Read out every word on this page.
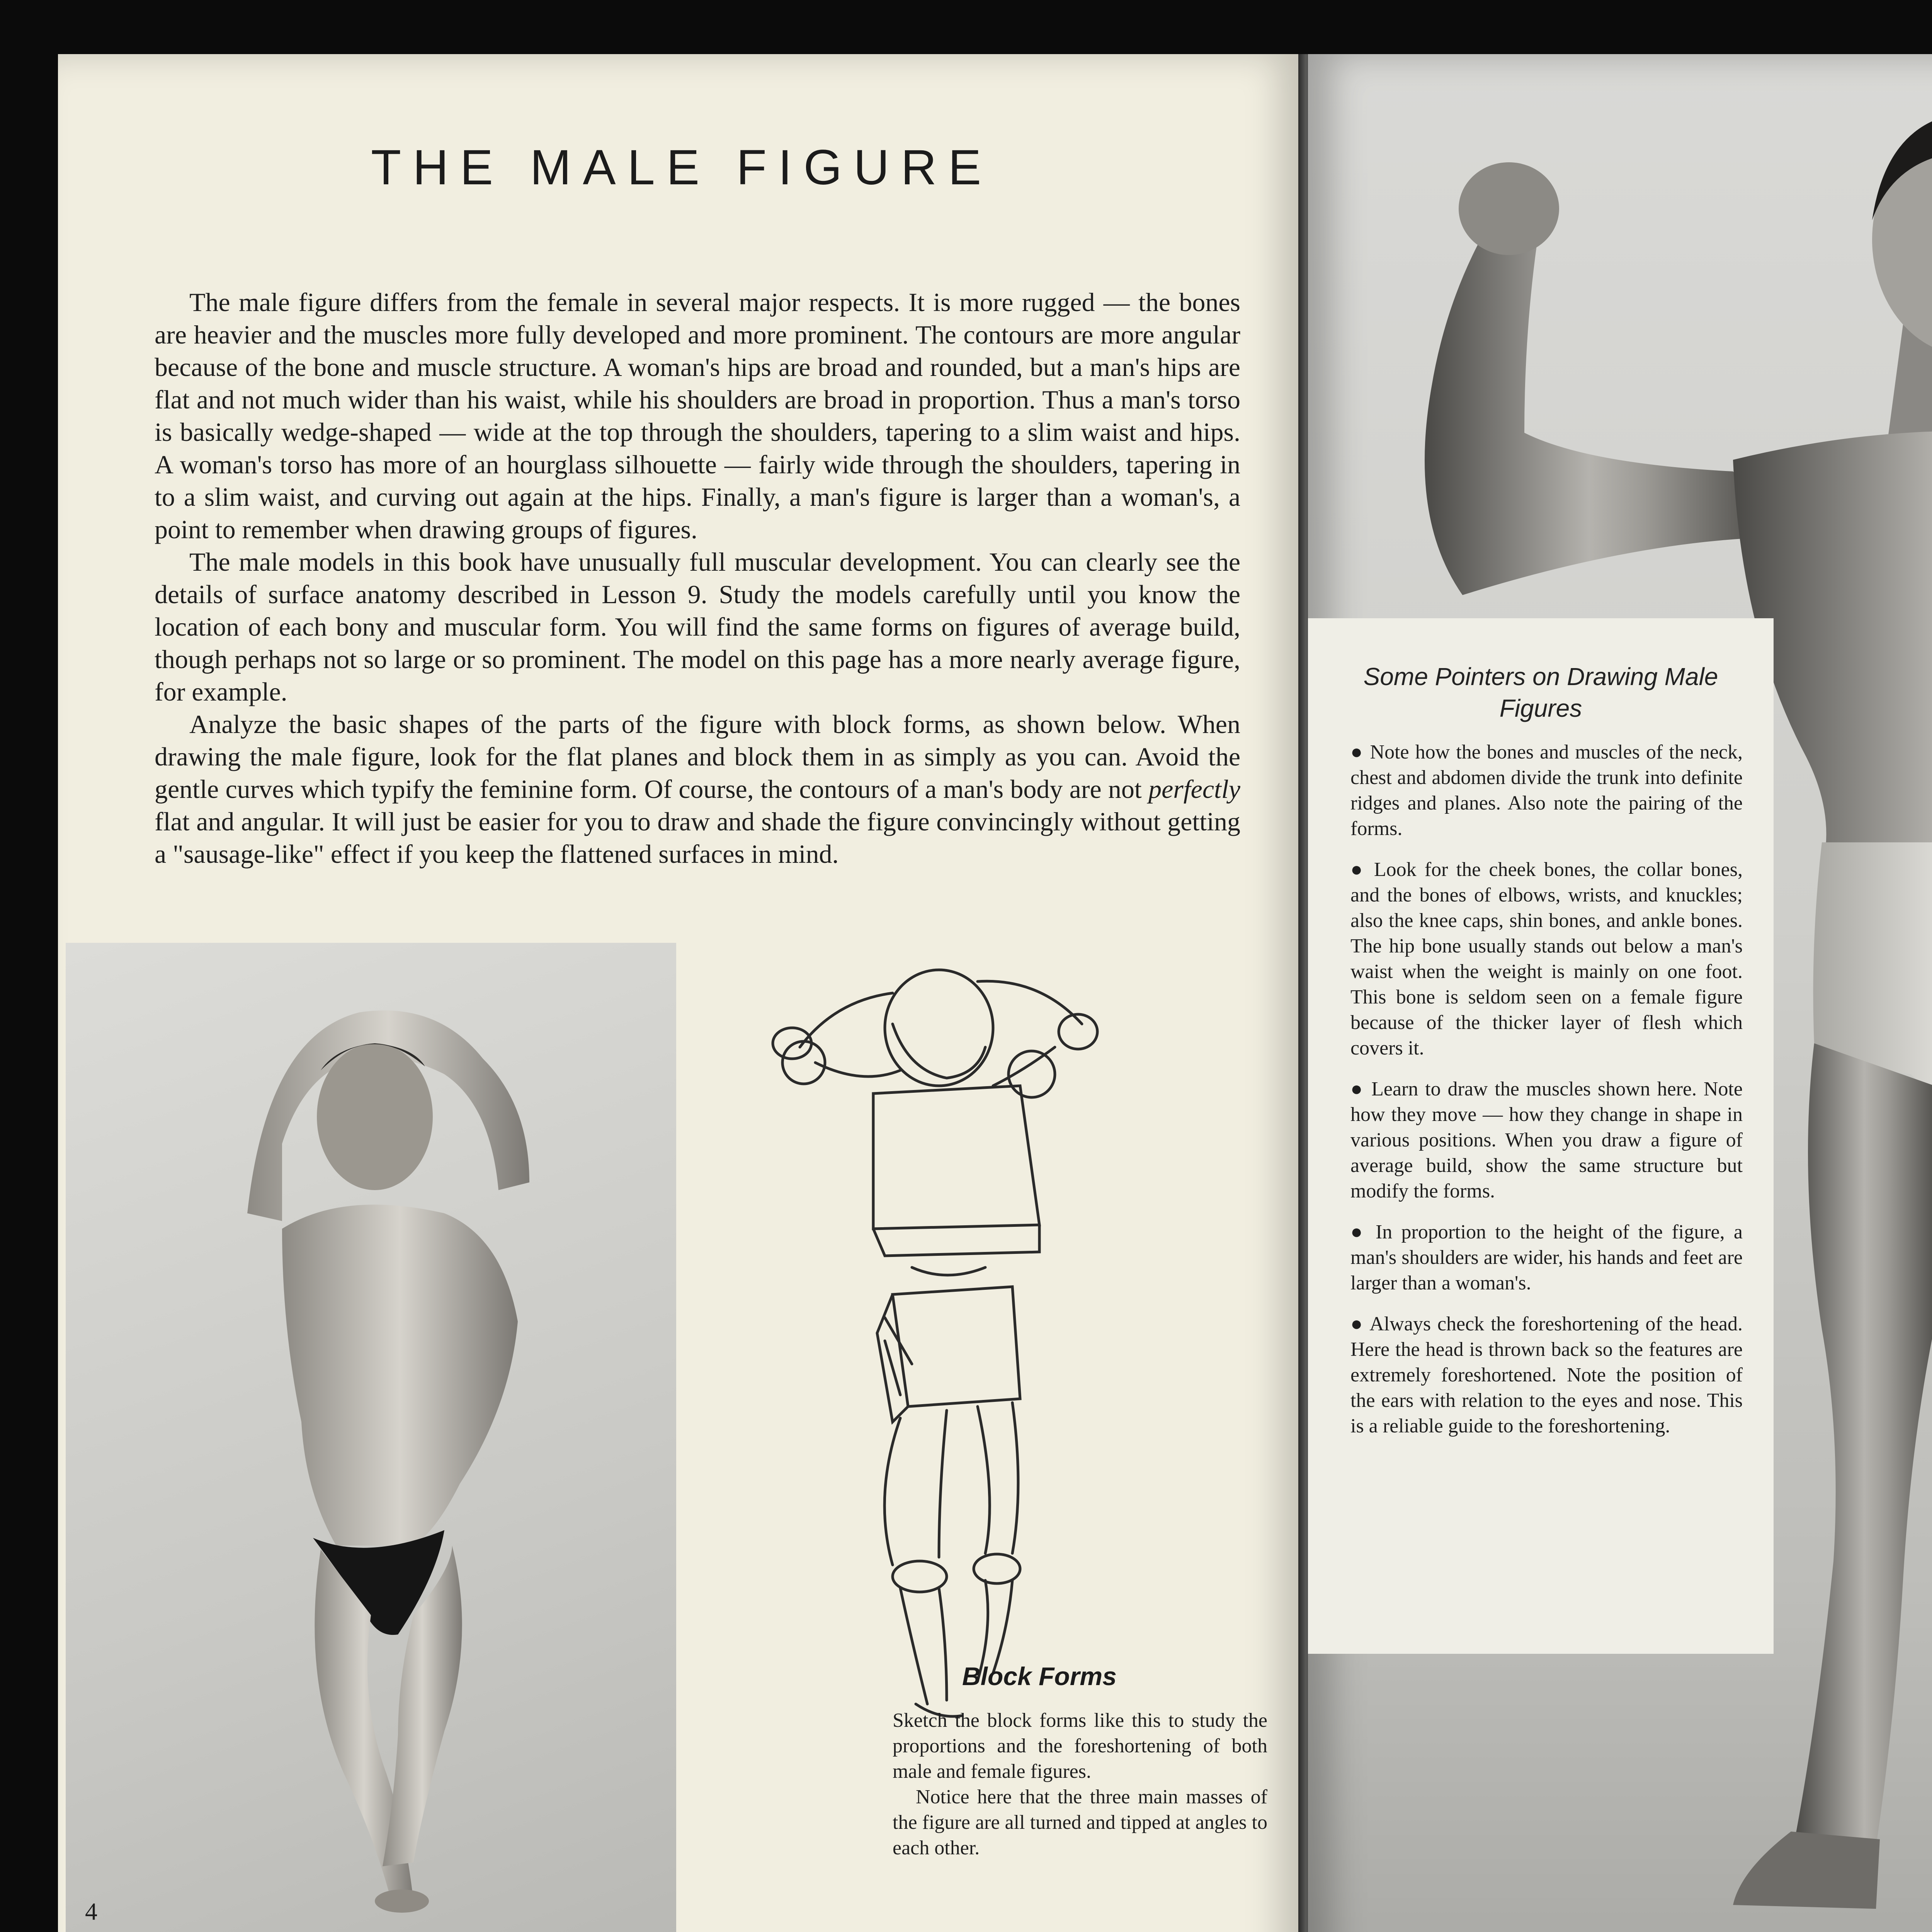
THE MALE FIGURE

The male figure differs from the female in several major respects. It is more rugged — the bones are heavier and the muscles more fully developed and more prominent. The contours are more angular because of the bone and muscle structure. A woman's hips are broad and rounded, but a man's hips are flat and not much wider than his waist, while his shoulders are broad in proportion. Thus a man's torso is basically wedge-shaped — wide at the top through the shoulders, tapering to a slim waist and hips. A woman's torso has more of an hourglass silhouette — fairly wide through the shoulders, tapering in to a slim waist, and curving out again at the hips. Finally, a man's figure is larger than a woman's, a point to remember when drawing groups of figures.

The male models in this book have unusually full muscular development. You can clearly see the details of surface anatomy described in Lesson 9. Study the models carefully until you know the location of each bony and muscular form. You will find the same forms on figures of average build, though perhaps not so large or so prominent. The model on this page has a more nearly average figure, for example.

Analyze the basic shapes of the parts of the figure with block forms, as shown below. When drawing the male figure, look for the flat planes and block them in as simply as you can. Avoid the gentle curves which typify the feminine form. Of course, the contours of a man's body are not perfectly flat and angular. It will just be easier for you to draw and shade the figure convincingly without getting a "sausage-like" effect if you keep the flattened surfaces in mind.

Block Forms

Sketch the block forms like this to study the proportions and the foreshortening of both male and female figures.

Notice here that the three main masses of the figure are all turned and tipped at angles to each other.

4
Some Pointers on Drawing Male Figures

● Note how the bones and muscles of the neck, chest and abdomen divide the trunk into definite ridges and planes. Also note the pairing of the forms.

● Look for the cheek bones, the collar bones, and the bones of elbows, wrists, and knuckles; also the knee caps, shin bones, and ankle bones. The hip bone usually stands out below a man's waist when the weight is mainly on one foot. This bone is seldom seen on a female figure because of the thicker layer of flesh which covers it.

● Learn to draw the muscles shown here. Note how they move — how they change in shape in various positions. When you draw a figure of average build, show the same structure but modify the forms.

● In proportion to the height of the figure, a man's shoulders are wider, his hands and feet are larger than a woman's.

● Always check the foreshortening of the head. Here the head is thrown back so the features are extremely foreshortened. Note the position of the ears with relation to the eyes and nose. This is a reliable guide to the foreshortening.
